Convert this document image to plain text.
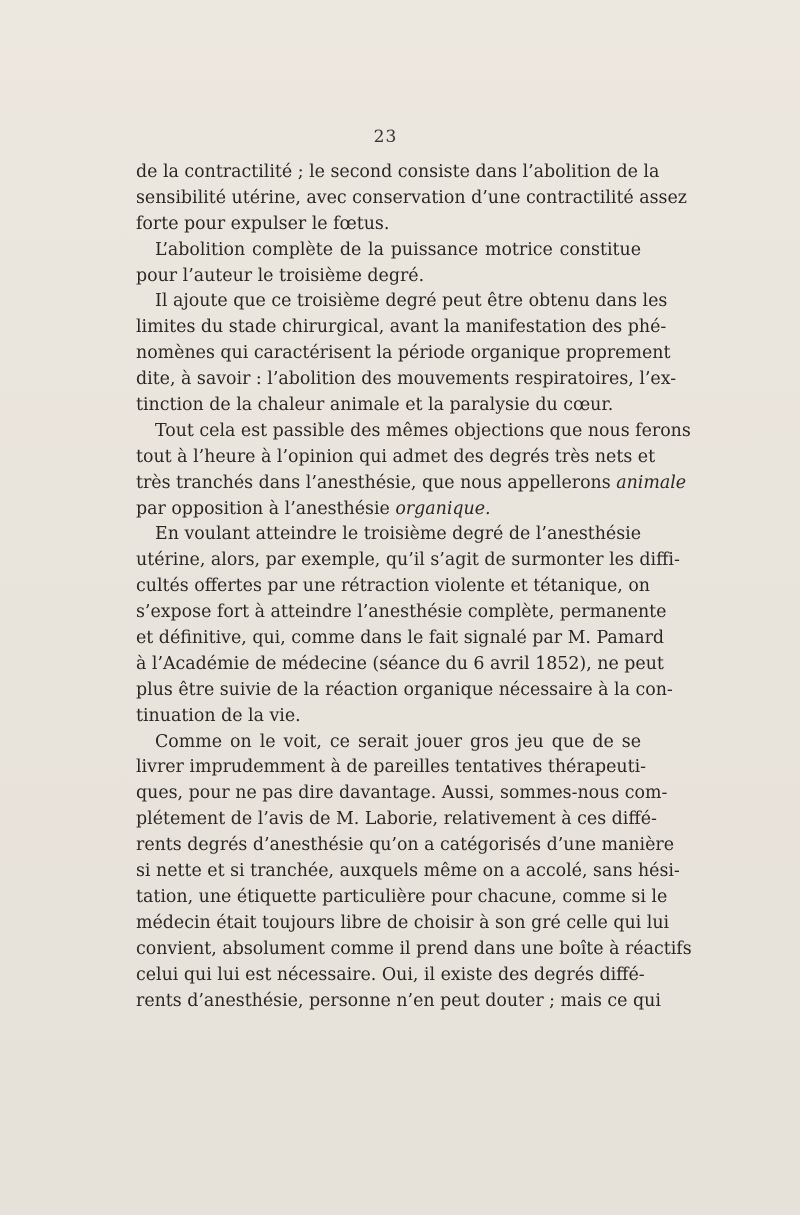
23
de la contractilité ; le second consiste dans l’abolition de la
sensibilité utérine, avec conservation d’une contractilité assez
forte pour expulser le fœtus.
L’abolition complète de la puissance motrice constitue
pour l’auteur le troisième degré.
Il ajoute que ce troisième degré peut être obtenu dans les
limites du stade chirurgical, avant la manifestation des phé-
nomènes qui caractérisent la période organique proprement
dite, à savoir : l’abolition des mouvements respiratoires, l’ex-
tinction de la chaleur animale et la paralysie du cœur.
Tout cela est passible des mêmes objections que nous ferons
tout à l’heure à l’opinion qui admet des degrés très nets et
très tranchés dans l’anesthésie, que nous appellerons animale
par opposition à l’anesthésie organique.
En voulant atteindre le troisième degré de l’anesthésie
utérine, alors, par exemple, qu’il s’agit de surmonter les diffi-
cultés offertes par une rétraction violente et tétanique, on
s’expose fort à atteindre l’anesthésie complète, permanente
et définitive, qui, comme dans le fait signalé par M. Pamard
à l’Académie de médecine (séance du 6 avril 1852), ne peut
plus être suivie de la réaction organique nécessaire à la con-
tinuation de la vie.
Comme on le voit, ce serait jouer gros jeu que de se
livrer imprudemment à de pareilles tentatives thérapeuti-
ques, pour ne pas dire davantage. Aussi, sommes-nous com-
plétement de l’avis de M. Laborie, relativement à ces diffé-
rents degrés d’anesthésie qu’on a catégorisés d’une manière
si nette et si tranchée, auxquels même on a accolé, sans hési-
tation, une étiquette particulière pour chacune, comme si le
médecin était toujours libre de choisir à son gré celle qui lui
convient, absolument comme il prend dans une boîte à réactifs
celui qui lui est nécessaire. Oui, il existe des degrés diffé-
rents d’anesthésie, personne n’en peut douter ; mais ce qui
